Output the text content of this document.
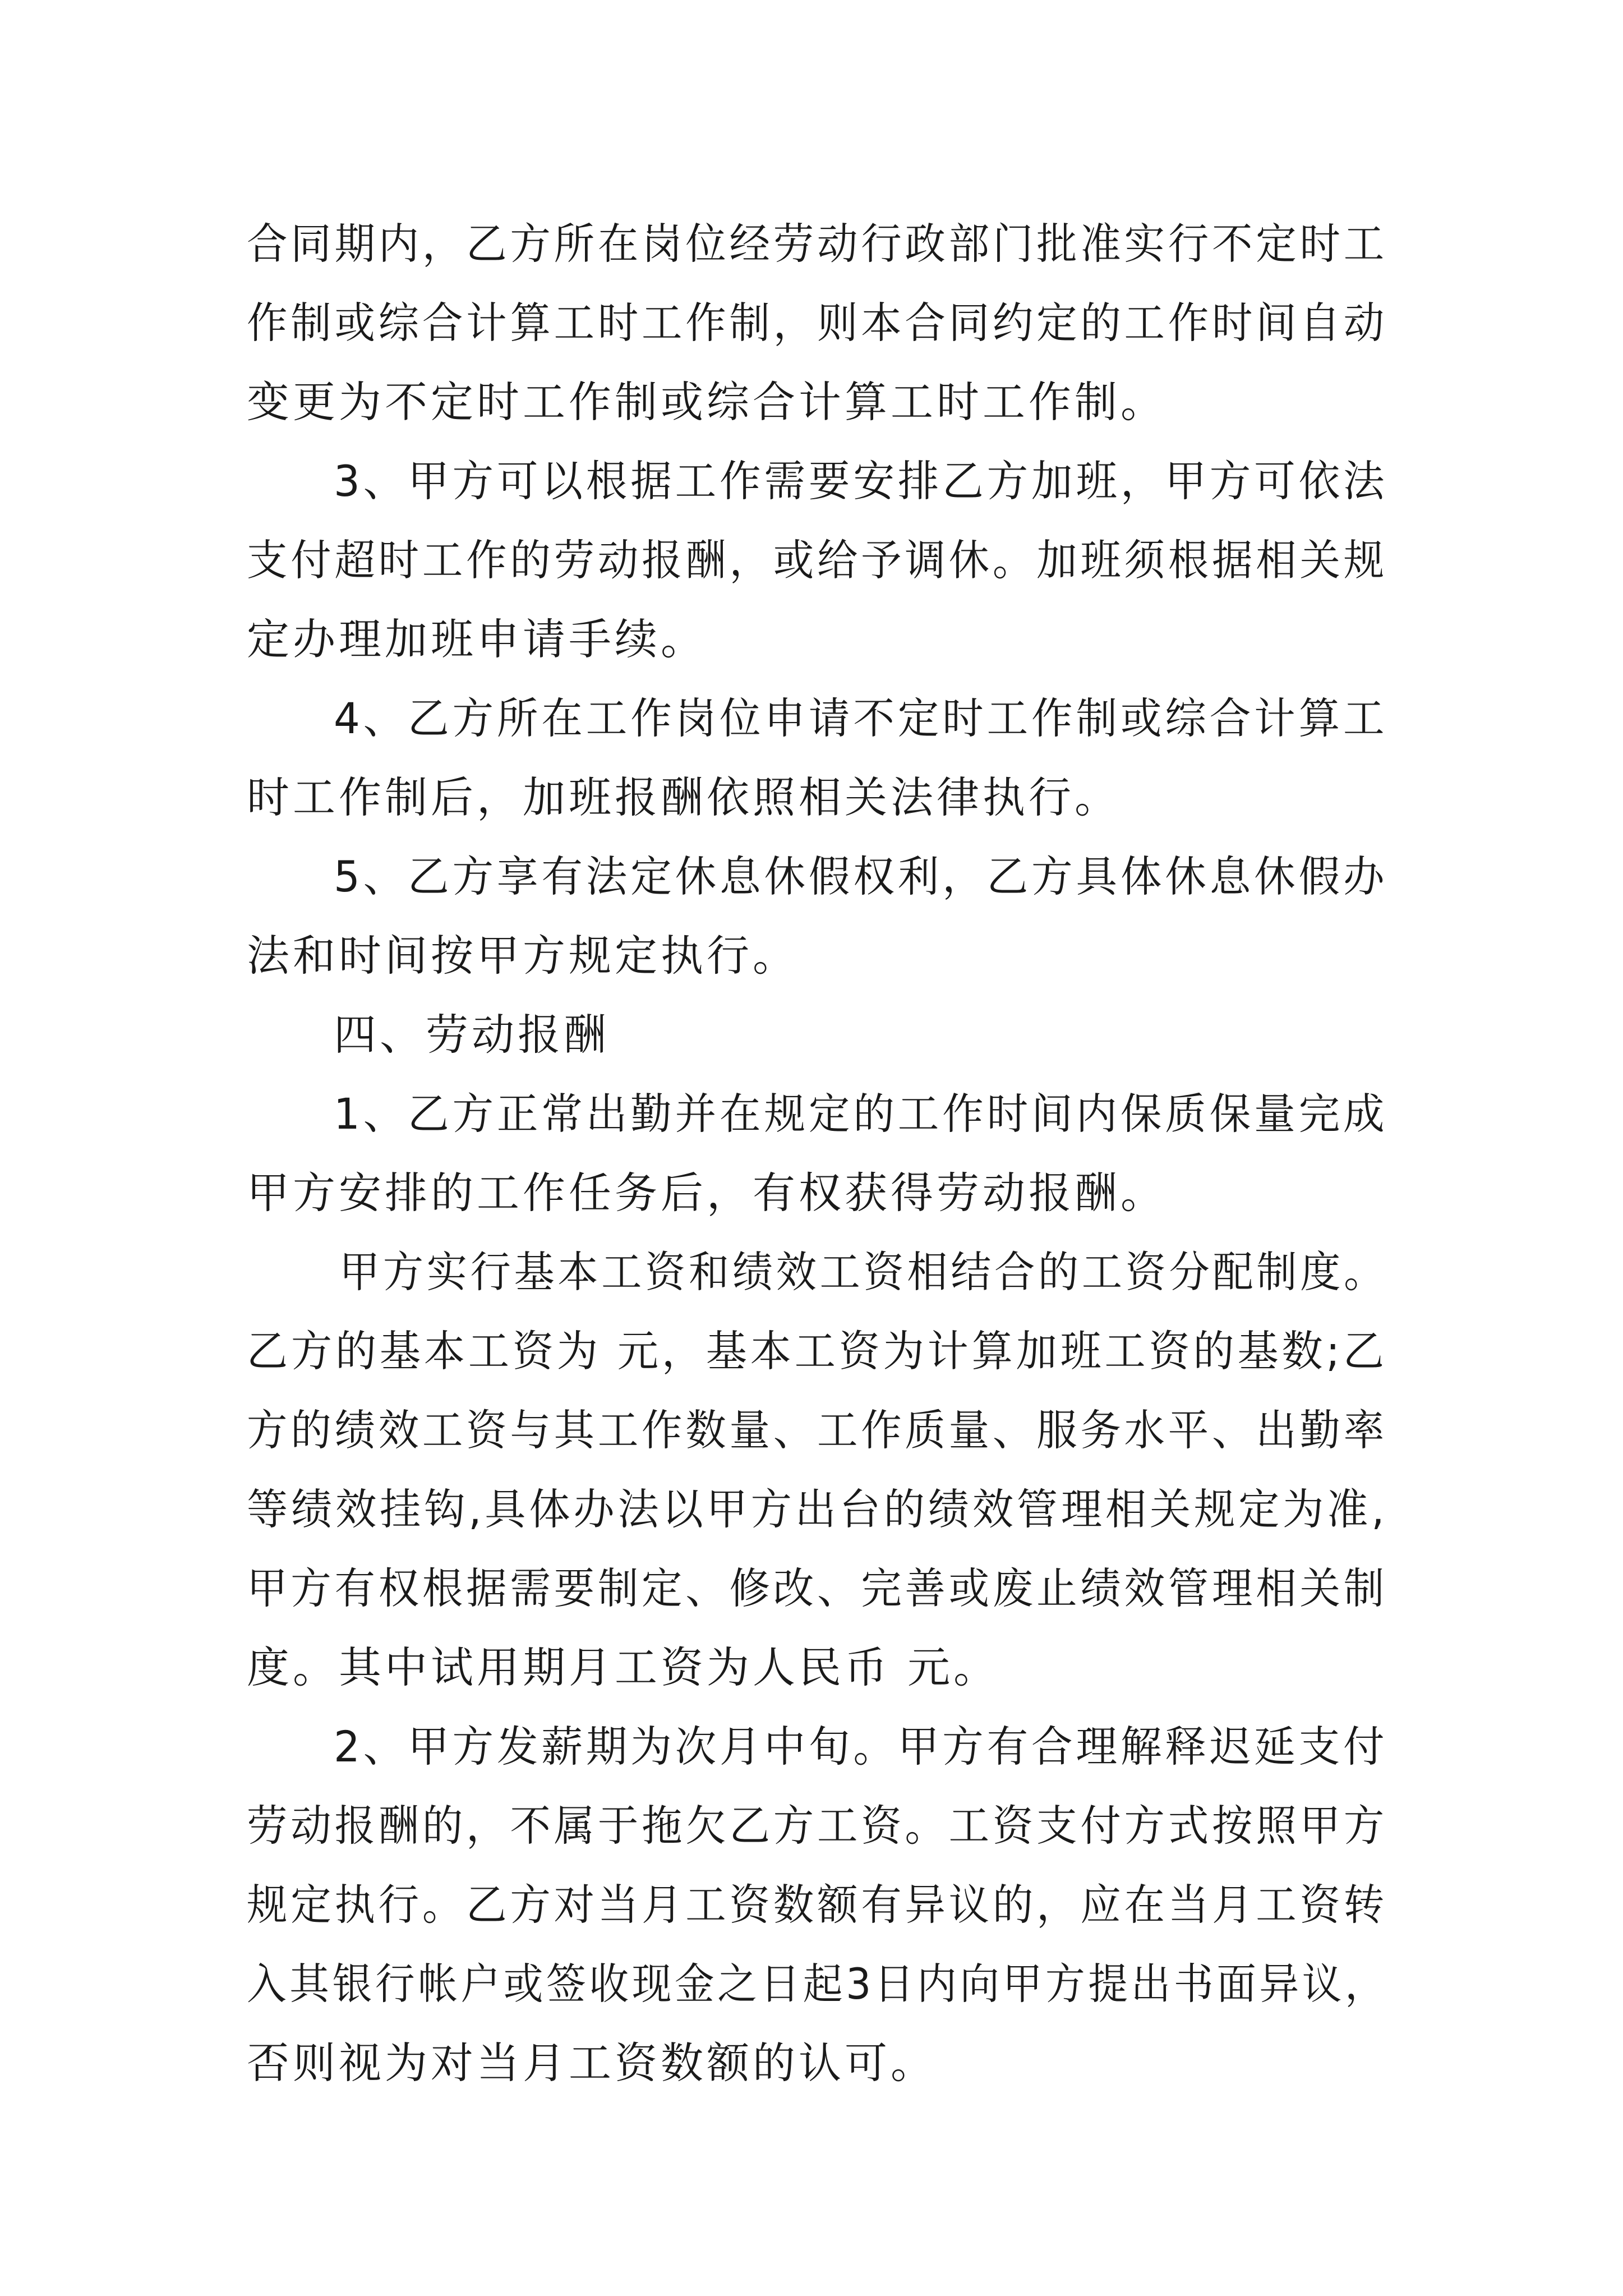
合同期内，乙方所在岗位经劳动行政部门批准实行不定时工
作制或综合计算工时工作制，则本合同约定的工作时间自动
变更为不定时工作制或综合计算工时工作制。
3、甲方可以根据工作需要安排乙方加班，甲方可依法
支付超时工作的劳动报酬，或给予调休。加班须根据相关规
定办理加班申请手续。
4、乙方所在工作岗位申请不定时工作制或综合计算工
时工作制后，加班报酬依照相关法律执行。
5、乙方享有法定休息休假权利，乙方具体休息休假办
法和时间按甲方规定执行。
四、劳动报酬
1、乙方正常出勤并在规定的工作时间内保质保量完成
甲方安排的工作任务后，有权获得劳动报酬。
甲方实行基本工资和绩效工资相结合的工资分配制度。
乙方的基本工资为 元，基本工资为计算加班工资的基数;乙
方的绩效工资与其工作数量、工作质量、服务水平、出勤率
等绩效挂钩,具体办法以甲方出台的绩效管理相关规定为准,
甲方有权根据需要制定、修改、完善或废止绩效管理相关制
度。其中试用期月工资为人民币 元。
2、甲方发薪期为次月中旬。甲方有合理解释迟延支付
劳动报酬的，不属于拖欠乙方工资。工资支付方式按照甲方
规定执行。乙方对当月工资数额有异议的，应在当月工资转
入其银行帐户或签收现金之日起3日内向甲方提出书面异议，
否则视为对当月工资数额的认可。
